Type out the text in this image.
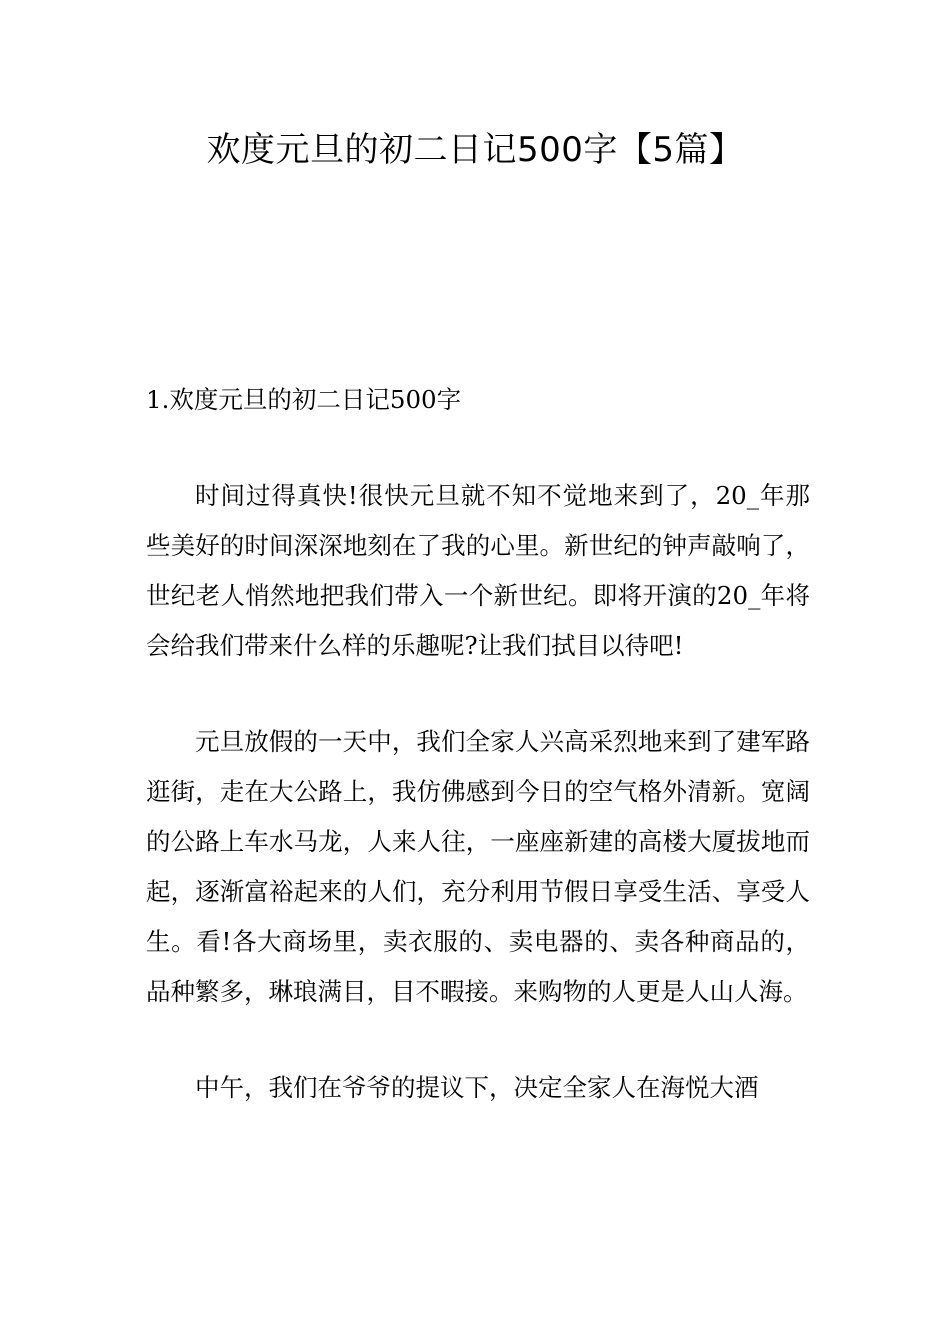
欢度元旦的初二日记500字【5篇】
1.欢度元旦的初二日记500字

时间过得真快!很快元旦就不知不觉地来到了，20_年那些美好的时间深深地刻在了我的心里。新世纪的钟声敲响了，世纪老人悄然地把我们带入一个新世纪。即将开演的20_年将会给我们带来什么样的乐趣呢?让我们拭目以待吧!

元旦放假的一天中，我们全家人兴高采烈地来到了建军路逛街，走在大公路上，我仿佛感到今日的空气格外清新。宽阔的公路上车水马龙，人来人往，一座座新建的高楼大厦拔地而起，逐渐富裕起来的人们，充分利用节假日享受生活、享受人生。看!各大商场里，卖衣服的、卖电器的、卖各种商品的，品种繁多，琳琅满目，目不暇接。来购物的人更是人山人海。

中午，我们在爷爷的提议下，决定全家人在海悦大酒
